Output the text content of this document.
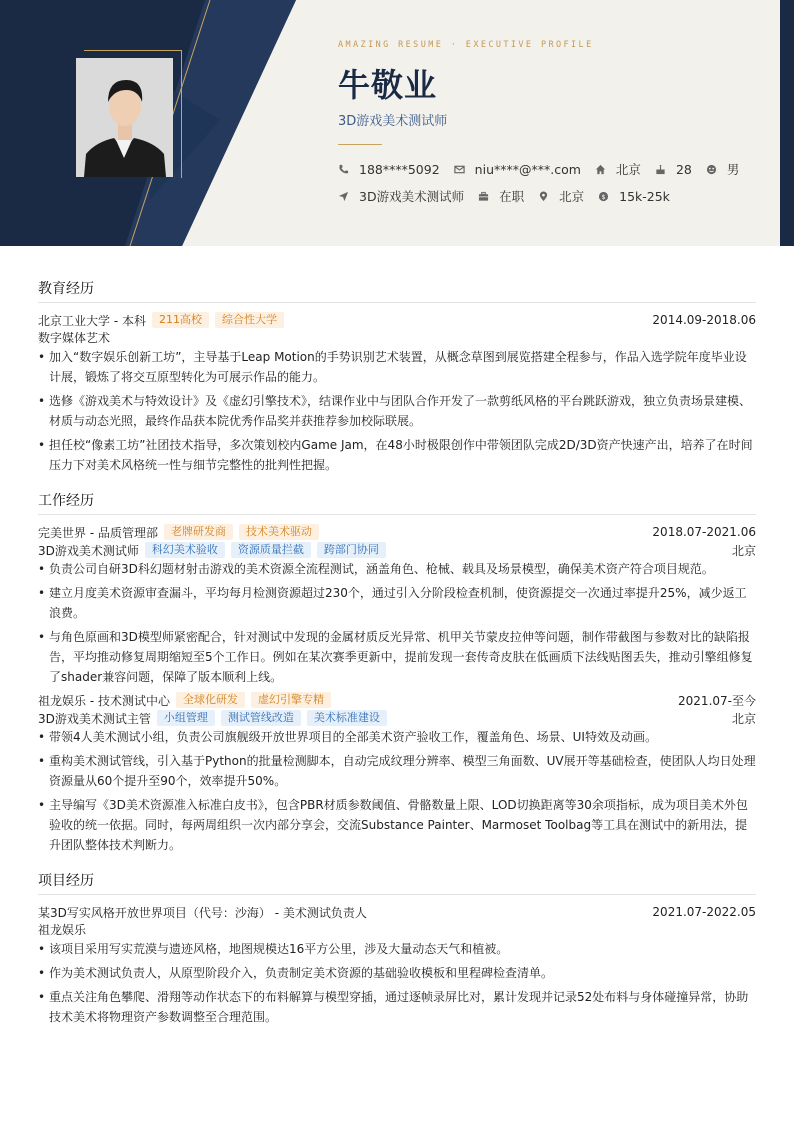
AMAZING RESUME · EXECUTIVE PROFILE
牛敬业
3D游戏美术测试师
188****5092	niu****@***.com	北京	28	男
3D游戏美术测试师	在职	北京 $ 15k-25k
教育经历
北京工业大学 - 本科	211高校	综合性大学	2014.09-2018.06
数字媒体艺术
• 加入“数字娱乐创新工坊”，主导基于Leap Motion的手势识别艺术装置，从概念草图到展览搭建全程参与，作品入选学院年度毕业设计展，锻炼了将交互原型转化为可展示作品的能力。
• 选修《游戏美术与特效设计》及《虚幻引擎技术》，结课作业中与团队合作开发了一款剪纸风格的平台跳跃游戏，独立负责场景建模、材质与动态光照，最终作品获本院优秀作品奖并获推荐参加校际联展。
• 担任校“像素工坊”社团技术指导，多次策划校内Game Jam，在48小时极限创作中带领团队完成2D/3D资产快速产出，培养了在时间压力下对美术风格统一性与细节完整性的批判性把握。
工作经历
完美世界 - 品质管理部	老牌研发商	技术美术驱动	2018.07-2021.06
3D游戏美术测试师	科幻美术验收	资源质量拦截	跨部门协同	北京
• 负责公司自研3D科幻题材射击游戏的美术资源全流程测试，涵盖角色、枪械、载具及场景模型，确保美术资产符合项目规范。
• 建立月度美术资源审查漏斗，平均每月检测资源超过230个，通过引入分阶段检查机制，使资源提交一次通过率提升25%，减少返工浪费。
• 与角色原画和3D模型师紧密配合，针对测试中发现的金属材质反光异常、机甲关节蒙皮拉伸等问题，制作带截图与参数对比的缺陷报告，平均推动修复周期缩短至5个工作日。例如在某次赛季更新中，提前发现一套传奇皮肤在低画质下法线贴图丢失，推动引擎组修复了shader兼容问题，保障了版本顺利上线。
祖龙娱乐 - 技术测试中心	全球化研发	虚幻引擎专精	2021.07-至今
3D游戏美术测试主管	小组管理	测试管线改造	美术标准建设	北京
• 带领4人美术测试小组，负责公司旗舰级开放世界项目的全部美术资产验收工作，覆盖角色、场景、UI特效及动画。
• 重构美术测试管线，引入基于Python的批量检测脚本，自动完成纹理分辨率、模型三角面数、UV展开等基础检查，使团队人均日处理资源量从60个提升至90个，效率提升50%。
• 主导编写《3D美术资源准入标准白皮书》，包含PBR材质参数阈值、骨骼数量上限、LOD切换距离等30余项指标，成为项目美术外包验收的统一依据。同时，每两周组织一次内部分享会，交流Substance Painter、Marmoset Toolbag等工具在测试中的新用法，提升团队整体技术判断力。
项目经历
某3D写实风格开放世界项目（代号：沙海） - 美术测试负责人	2021.07-2022.05
祖龙娱乐
• 该项目采用写实荒漠与遗迹风格，地图规模达16平方公里，涉及大量动态天气和植被。
• 作为美术测试负责人，从原型阶段介入，负责制定美术资源的基础验收模板和里程碑检查清单。
• 重点关注角色攀爬、滑翔等动作状态下的布料解算与模型穿插，通过逐帧录屏比对，累计发现并记录52处布料与身体碰撞异常，协助技术美术将物理资产参数调整至合理范围。
